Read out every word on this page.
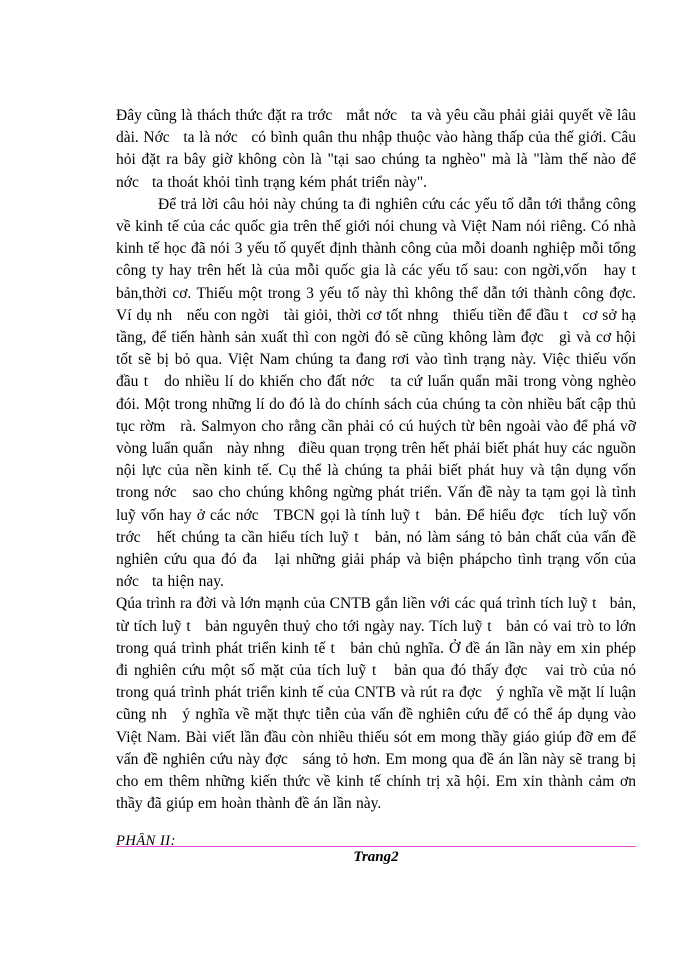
Đây cũng là thách thức đặt ra trớc   mắt nớc   ta và yêu cầu phải giải quyết về lâu dài. Nớc   ta là nớc   có bình quân thu nhập thuộc vào hàng thấp của thế giới. Câu hỏi đặt ra bây giờ không còn là "tại sao chúng ta nghèo" mà là "làm thế nào để nớc   ta thoát khỏi tình trạng kém phát triển này".

Để trả lời câu hỏi này chúng ta đi nghiên cứu các yếu tố dẫn tới thắng công về kinh tế của các quốc gia trên thế giới nói chung và Việt Nam nói riêng. Có nhà kinh tế học đã nói 3 yếu tố quyết định thành công của mỗi doanh nghiệp mỗi tổng công ty hay trên hết là của mỗi quốc gia là các yếu tố sau: con ngời,vốn   hay t   bản,thời cơ. Thiếu một trong 3 yếu tố này thì không thể dẫn tới thành công đợc.   Ví dụ nh   nếu con ngời   tài giỏi, thời cơ tốt nhng   thiếu tiền để đầu t   cơ sở hạ tầng, để tiến hành sản xuất thì con ngời đó sẽ cũng không làm đợc   gì và cơ hội tốt sẽ bị bỏ qua. Việt Nam chúng ta đang rơi vào tình trạng này. Việc thiếu vốn đầu t   do nhiều lí do khiến cho đất nớc   ta cứ luẩn quẩn mãi trong vòng nghèo đói. Một trong những lí do đó là do chính sách của chúng ta còn nhiều bất cập thủ tục rờm   rà. Salmyon cho rằng cần phải có cú huých từ bên ngoài vào để phá vỡ vòng luẩn quẩn   này nhng   điều quan trọng trên hết phải biết phát huy các nguồn nội lực của nền kinh tế. Cụ thể là chúng ta phải biết phát huy và tận dụng vốn trong nớc   sao cho chúng không ngừng phát triển. Vấn đề này ta tạm gọi là tình luỹ vốn hay ở các nớc   TBCN gọi là tính luỹ t   bản. Để hiểu đợc   tích luỹ vốn trớc   hết chúng ta cần hiểu tích luỹ t   bản, nó làm sáng tỏ bản chất của vấn đề nghiên cứu qua đó đa   lại những giải pháp và biện phápcho tình trạng vốn của nớc   ta hiện nay.

Qúa trình ra đời và lớn mạnh của CNTB gắn liền với các quá trình tích luỹ t   bản, từ tích luỹ t   bản nguyên thuỷ cho tới ngày nay. Tích luỹ t   bản có vai trò to lớn trong quá trình phát triển kinh tế t   bản chủ nghĩa. Ở đề án lần này em xin phép đi nghiên cứu một số mặt của tích luỹ t   bản qua đó thấy đợc   vai trò của nó trong quá trình phát triển kinh tế của CNTB và rút ra đợc   ý nghĩa về mặt lí luận cũng nh   ý nghĩa về mặt thực tiễn của vấn đề nghiên cứu để có thể áp dụng vào Việt Nam. Bài viết lần đầu còn nhiều thiếu sót em mong thầy giáo giúp đỡ em để vấn đề nghiên cứu này đợc   sáng tỏ hơn. Em mong qua đề án lần này sẽ trang bị cho em thêm những kiến thức về kinh tế chính trị xã hội. Em xin thành cảm ơn thầy đã giúp em hoàn thành đề án lần này.

PHẦN II:
Trang2
